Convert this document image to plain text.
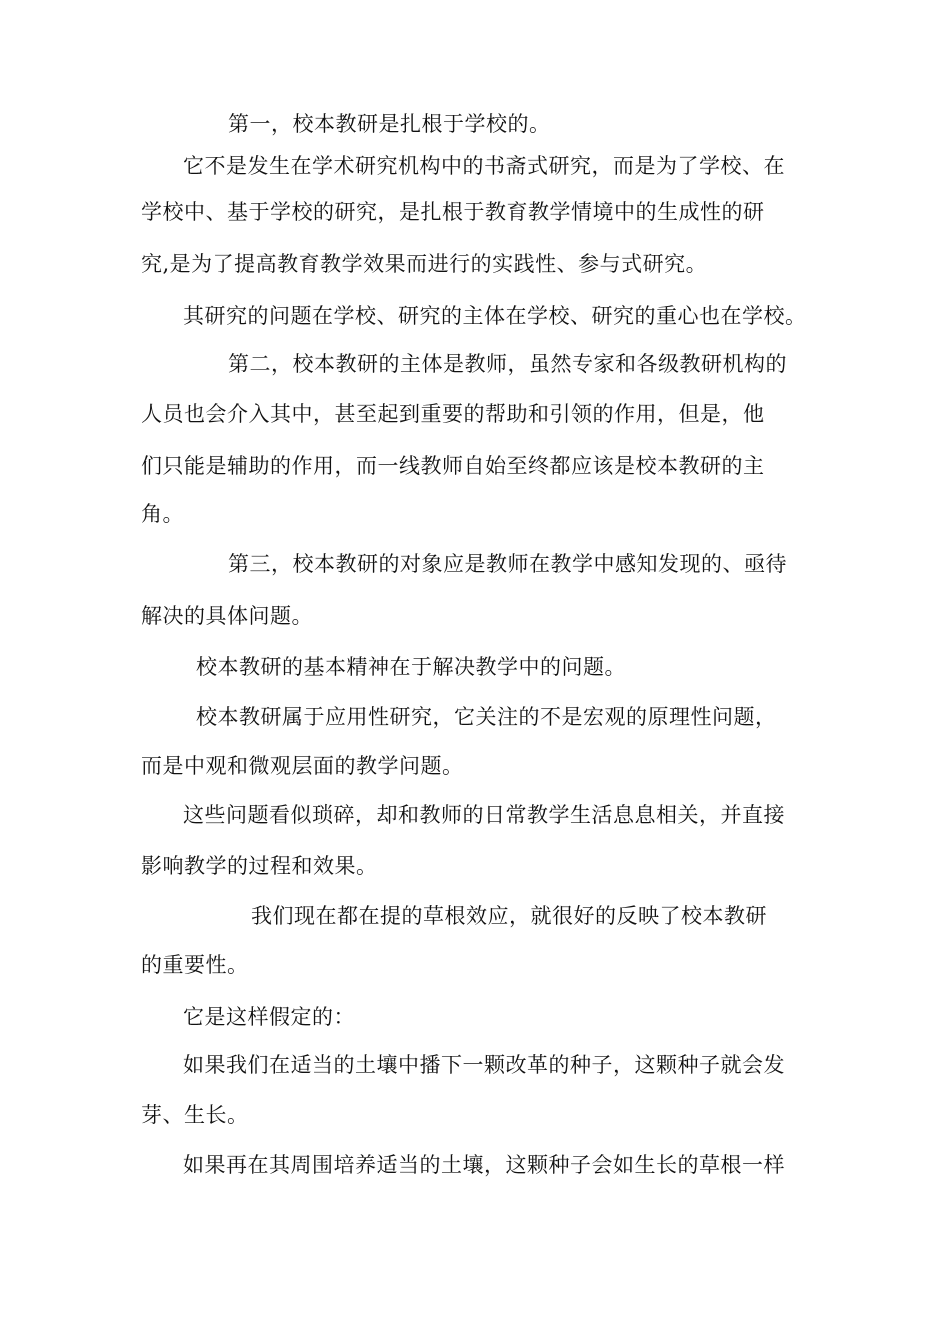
第一，校本教研是扎根于学校的。
它不是发生在学术研究机构中的书斋式研究，而是为了学校、在
学校中、基于学校的研究，是扎根于教育教学情境中的生成性的研
究,是为了提高教育教学效果而进行的实践性、参与式研究。
其研究的问题在学校、研究的主体在学校、研究的重心也在学校。
第二，校本教研的主体是教师，虽然专家和各级教研机构的
人员也会介入其中，甚至起到重要的帮助和引领的作用，但是，他
们只能是辅助的作用，而一线教师自始至终都应该是校本教研的主
角。
第三，校本教研的对象应是教师在教学中感知发现的、亟待
解决的具体问题。
校本教研的基本精神在于解决教学中的问题。
校本教研属于应用性研究，它关注的不是宏观的原理性问题，
而是中观和微观层面的教学问题。
这些问题看似琐碎，却和教师的日常教学生活息息相关，并直接
影响教学的过程和效果。
我们现在都在提的草根效应，就很好的反映了校本教研
的重要性。
它是这样假定的：
如果我们在适当的土壤中播下一颗改革的种子，这颗种子就会发
芽、生长。
如果再在其周围培养适当的土壤，这颗种子会如生长的草根一样
